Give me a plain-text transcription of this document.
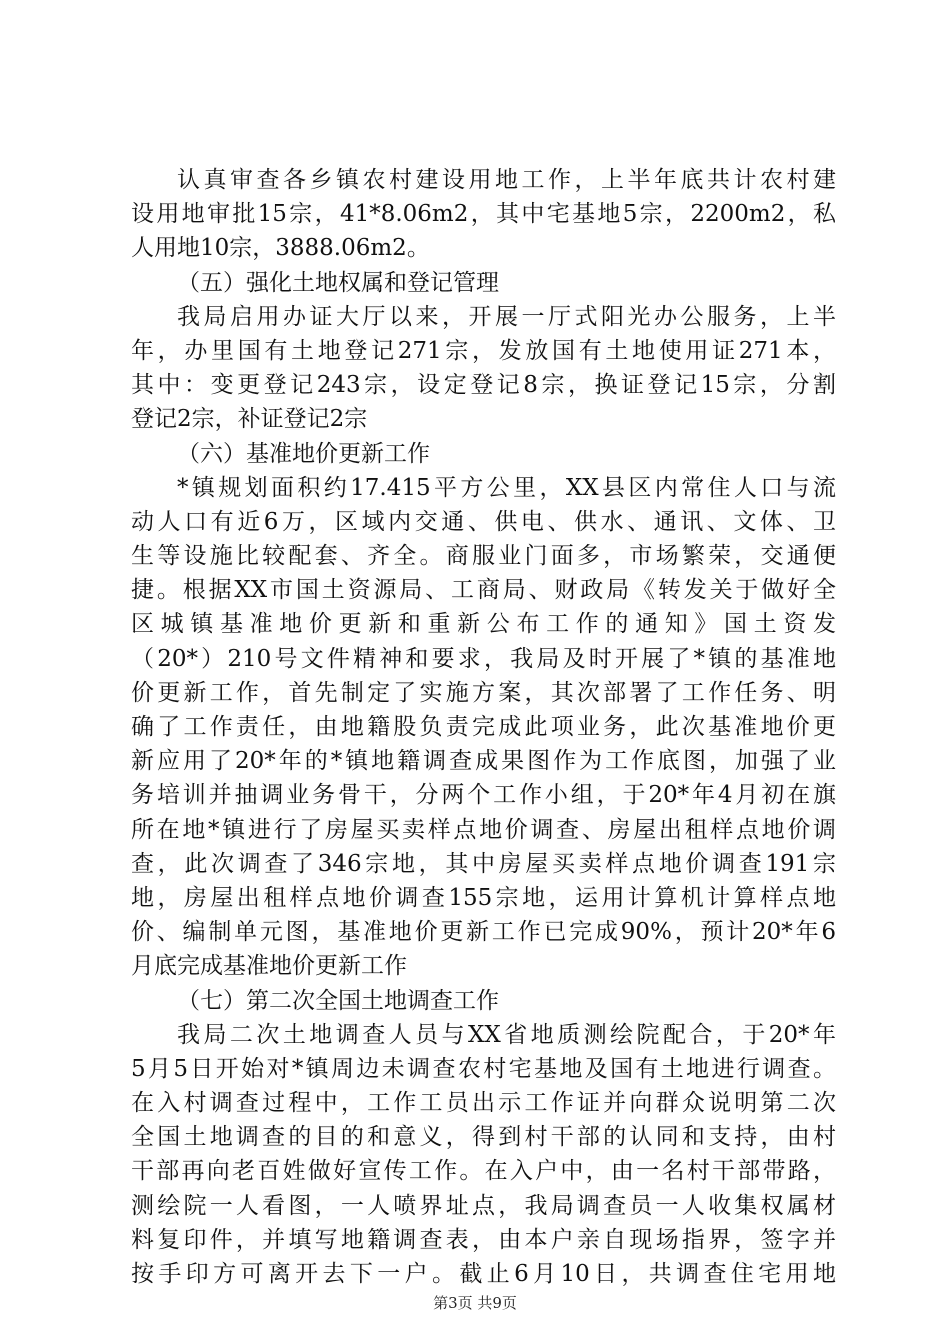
认真审查各乡镇农村建设用地工作，上半年底共计农村建
设用地审批15宗，41*8.06m2，其中宅基地5宗，2200m2，私
人用地10宗，3888.06m2。
（五）强化土地权属和登记管理
我局启用办证大厅以来，开展一厅式阳光办公服务，上半
年，办里国有土地登记271宗，发放国有土地使用证271本，
其中：变更登记243宗，设定登记8宗，换证登记15宗，分割
登记2宗，补证登记2宗
（六）基准地价更新工作
*镇规划面积约17.415平方公里，XX县区内常住人口与流
动人口有近6万，区域内交通、供电、供水、通讯、文体、卫
生等设施比较配套、齐全。商服业门面多，市场繁荣，交通便
捷。根据XX市国土资源局、工商局、财政局《转发关于做好全
区城镇基准地价更新和重新公布工作的通知》国土资发
（20*）210号文件精神和要求，我局及时开展了*镇的基准地
价更新工作，首先制定了实施方案，其次部署了工作任务、明
确了工作责任，由地籍股负责完成此项业务，此次基准地价更
新应用了20*年的*镇地籍调查成果图作为工作底图，加强了业
务培训并抽调业务骨干，分两个工作小组，于20*年4月初在旗
所在地*镇进行了房屋买卖样点地价调查、房屋出租样点地价调
查，此次调查了346宗地，其中房屋买卖样点地价调查191宗
地，房屋出租样点地价调查155宗地，运用计算机计算样点地
价、编制单元图，基准地价更新工作已完成90%，预计20*年6
月底完成基准地价更新工作
（七）第二次全国土地调查工作
我局二次土地调查人员与XX省地质测绘院配合，于20*年
5月5日开始对*镇周边未调查农村宅基地及国有土地进行调查。
在入村调查过程中，工作工员出示工作证并向群众说明第二次
全国土地调查的目的和意义，得到村干部的认同和支持，由村
干部再向老百姓做好宣传工作。在入户中，由一名村干部带路，
测绘院一人看图，一人喷界址点，我局调查员一人收集权属材
料复印件，并填写地籍调查表，由本户亲自现场指界，签字并
按手印方可离开去下一户。截止6月10日，共调查住宅用地
第3页 共9页
